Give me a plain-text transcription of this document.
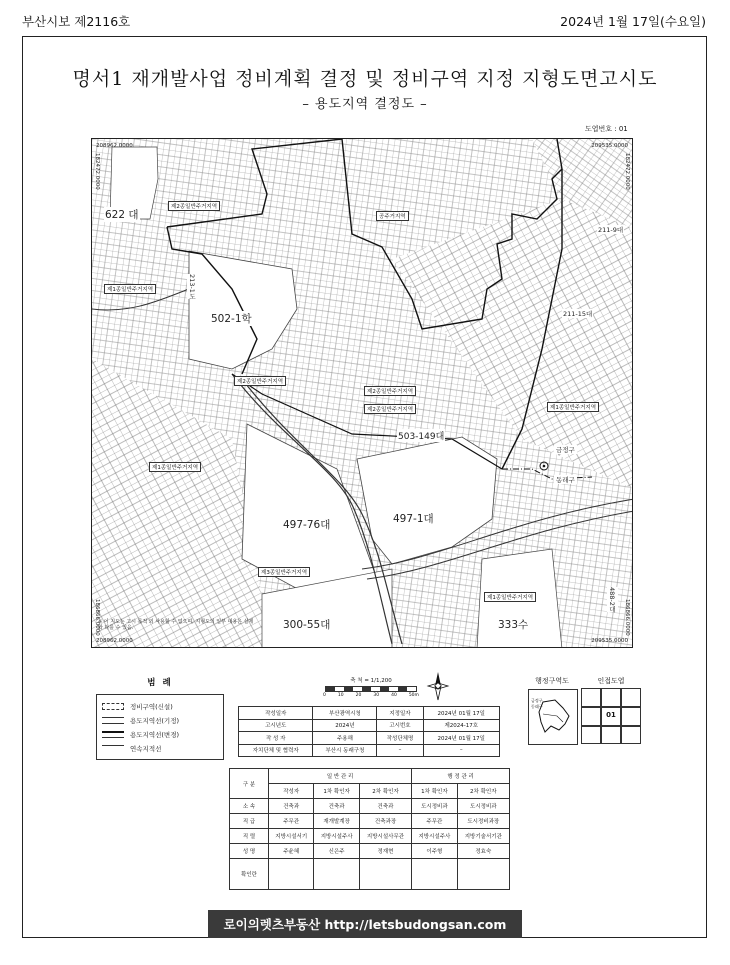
부산시보 제2116호	2024년 1월 17일(수요일)
명서1 재개발사업 정비계획 결정 및 정비구역 지정 지형도면고시도
– 용도지역 결정도 –
도엽번호 : 01
208962.0000	209535.0000
182472.0000	182472.0000
186866.0000	186866.0000
208962.0000	209535.0000
622 대
502-1학
503-149대
497-76대	497-1대
300-55대	333수
488-2대
211-9대
211-15대
213-1도
제2종일반주거지역
공주거지역
제1종일반주거지역
제2종일반주거지역
제2종일반주거지역
제1종일반주거지역
제1종일반주거지역
제2종일반주거지역
제3종일반주거지역
제1종일반주거지역
금정구
동래구
※ 이 지도는 고시 목적 외 사용할 수 없으며, 지형도의 일부 내용은 실제와 다를 수 있음.
범 례
정비구역(신설)
용도지역선(기정)
용도지역선(변경)
연속지적선
축 척 = 1/1,200
0	10	20	30	40	50m
행정구역도
금정구
동래구
인접도엽
01
작성일자	부산광역시청	지정일자	2024년 01월 17일
고시년도	2024년	고시번호	제2024-17호
작 성 자	주용해	작성단체명	2024년 01월 17일
자치단체 및 협력자	부산시 동래구청	–	–
구 분	일 반 관 리			행 정 관 리	
	작성자	1차 확인자	2차 확인자	1차 확인자	2차 확인자
소 속	건축과	건축과	건축과	도시정비과	도시정비과
직 급	주무관	재개발계장	건축과장	주무관	도시정비과장
직 렬	지방시설서기	지방시설주사	지방시설사무관	지방시설주사	지방기술서기관
성 명	주윤혜	신은주	정재현	이주형	정효숙
확인란					
로이의렛츠부동산 http://letsbudongsan.com
